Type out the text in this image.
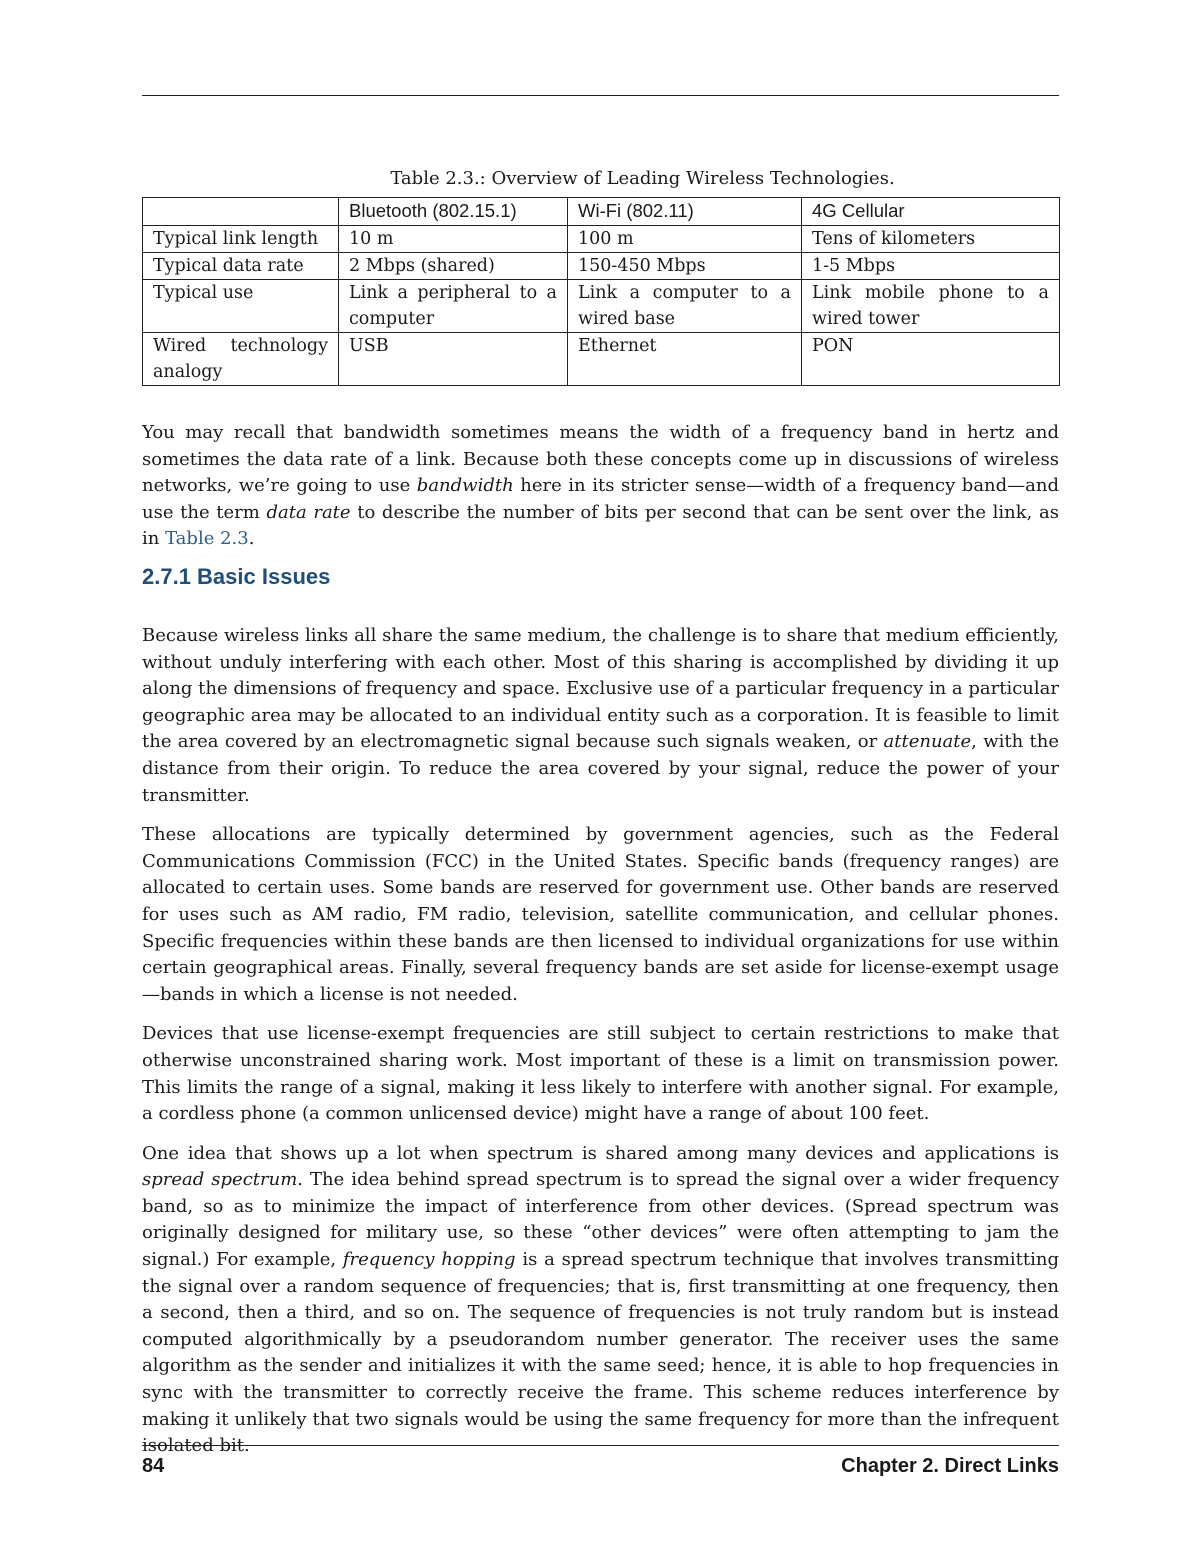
Table 2.3.: Overview of Leading Wireless Technologies.
	Bluetooth (802.15.1)	Wi-Fi (802.11)	4G Cellular
Typical link length	10 m	100 m	Tens of kilometers
Typical data rate	2 Mbps (shared)	150-450 Mbps	1-5 Mbps
Typical use	Link a peripheral to a computer	Link a computer to a wired base	Link mobile phone to a wired tower
Wired technology analogy	USB	Ethernet	PON

You may recall that bandwidth sometimes means the width of a frequency band in hertz and sometimes the data rate of a link. Because both these concepts come up in discussions of wireless networks, we’re going to use bandwidth here in its stricter sense—width of a frequency band—and use the term data rate to describe the number of bits per second that can be sent over the link, as in Table 2.3.

2.7.1 Basic Issues

Because wireless links all share the same medium, the challenge is to share that medium efficiently, without unduly interfering with each other. Most of this sharing is accomplished by dividing it up along the dimensions of frequency and space. Exclusive use of a particular frequency in a particular geographic area may be allocated to an individual entity such as a corporation. It is feasible to limit the area covered by an electromagnetic signal because such signals weaken, or attenuate, with the distance from their origin. To reduce the area covered by your signal, reduce the power of your transmitter.

These allocations are typically determined by government agencies, such as the Federal Communications Commission (FCC) in the United States. Specific bands (frequency ranges) are allocated to certain uses. Some bands are reserved for government use. Other bands are reserved for uses such as AM radio, FM radio, television, satellite communication, and cellular phones. Specific frequencies within these bands are then licensed to individual organizations for use within certain geographical areas. Finally, several frequency bands are set aside for license-exempt usage—bands in which a license is not needed.

Devices that use license-exempt frequencies are still subject to certain restrictions to make that otherwise unconstrained sharing work. Most important of these is a limit on transmission power. This limits the range of a signal, making it less likely to interfere with another signal. For example, a cordless phone (a common unlicensed device) might have a range of about 100 feet.

One idea that shows up a lot when spectrum is shared among many devices and applications is spread spectrum. The idea behind spread spectrum is to spread the signal over a wider frequency band, so as to minimize the impact of interference from other devices. (Spread spectrum was originally designed for military use, so these “other devices” were often attempting to jam the signal.) For example, frequency hopping is a spread spectrum technique that involves transmitting the signal over a random sequence of frequencies; that is, first transmitting at one frequency, then a second, then a third, and so on. The sequence of frequencies is not truly random but is instead computed algorithmically by a pseudorandom number generator. The receiver uses the same algorithm as the sender and initializes it with the same seed; hence, it is able to hop frequencies in sync with the transmitter to correctly receive the frame. This scheme reduces interference by making it unlikely that two signals would be using the same frequency for more than the infrequent isolated bit.

84	Chapter 2. Direct Links
